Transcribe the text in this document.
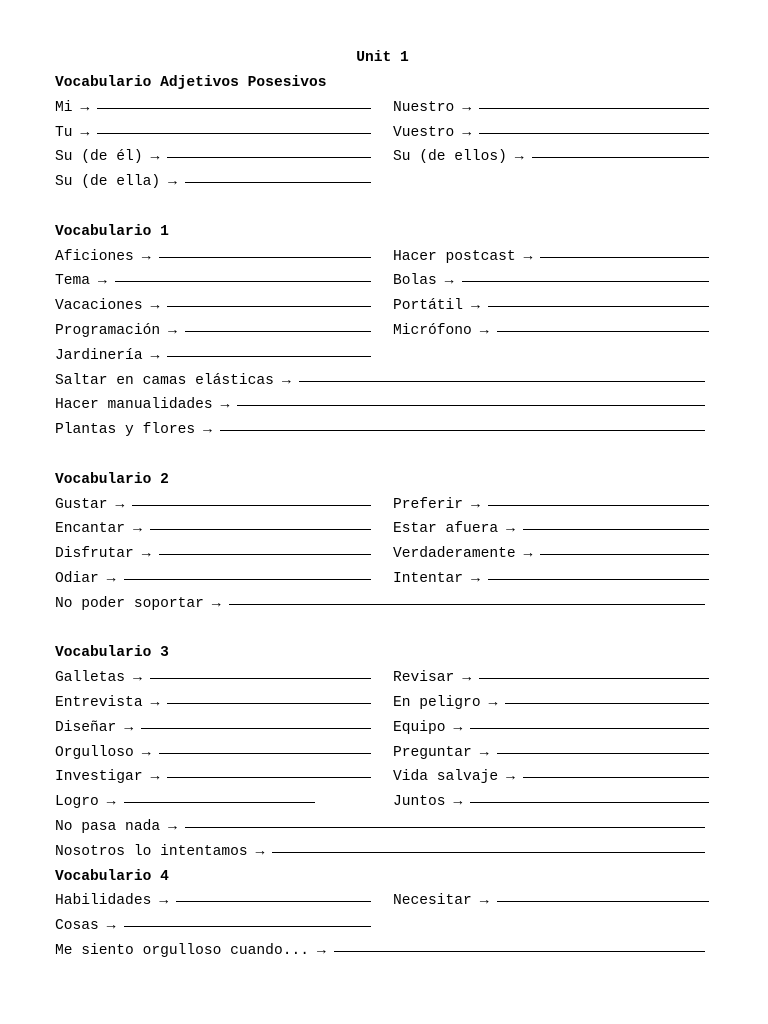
Unit 1
Vocabulario Adjetivos Posesivos
Mi →	Nuestro →
Tu →	Vuestro →
Su (de él) →	Su (de ellos) →
Su (de ella) →
Vocabulario 1
Aficiones →	Hacer postcast →
Tema →	Bolas →
Vacaciones →	Portátil →
Programación →	Micrófono →
Jardinería →
Saltar en camas elásticas →
Hacer manualidades →
Plantas y flores →
Vocabulario 2
Gustar →	Preferir →
Encantar →	Estar afuera →
Disfrutar →	Verdaderamente →
Odiar →	Intentar →
No poder soportar →
Vocabulario 3
Galletas →	Revisar →
Entrevista →	En peligro →
Diseñar →	Equipo →
Orgulloso →	Preguntar →
Investigar →	Vida salvaje →
Logro →	Juntos →
No pasa nada →
Nosotros lo intentamos →
Vocabulario 4
Habilidades →	Necesitar →
Cosas →
Me siento orgulloso cuando... →
